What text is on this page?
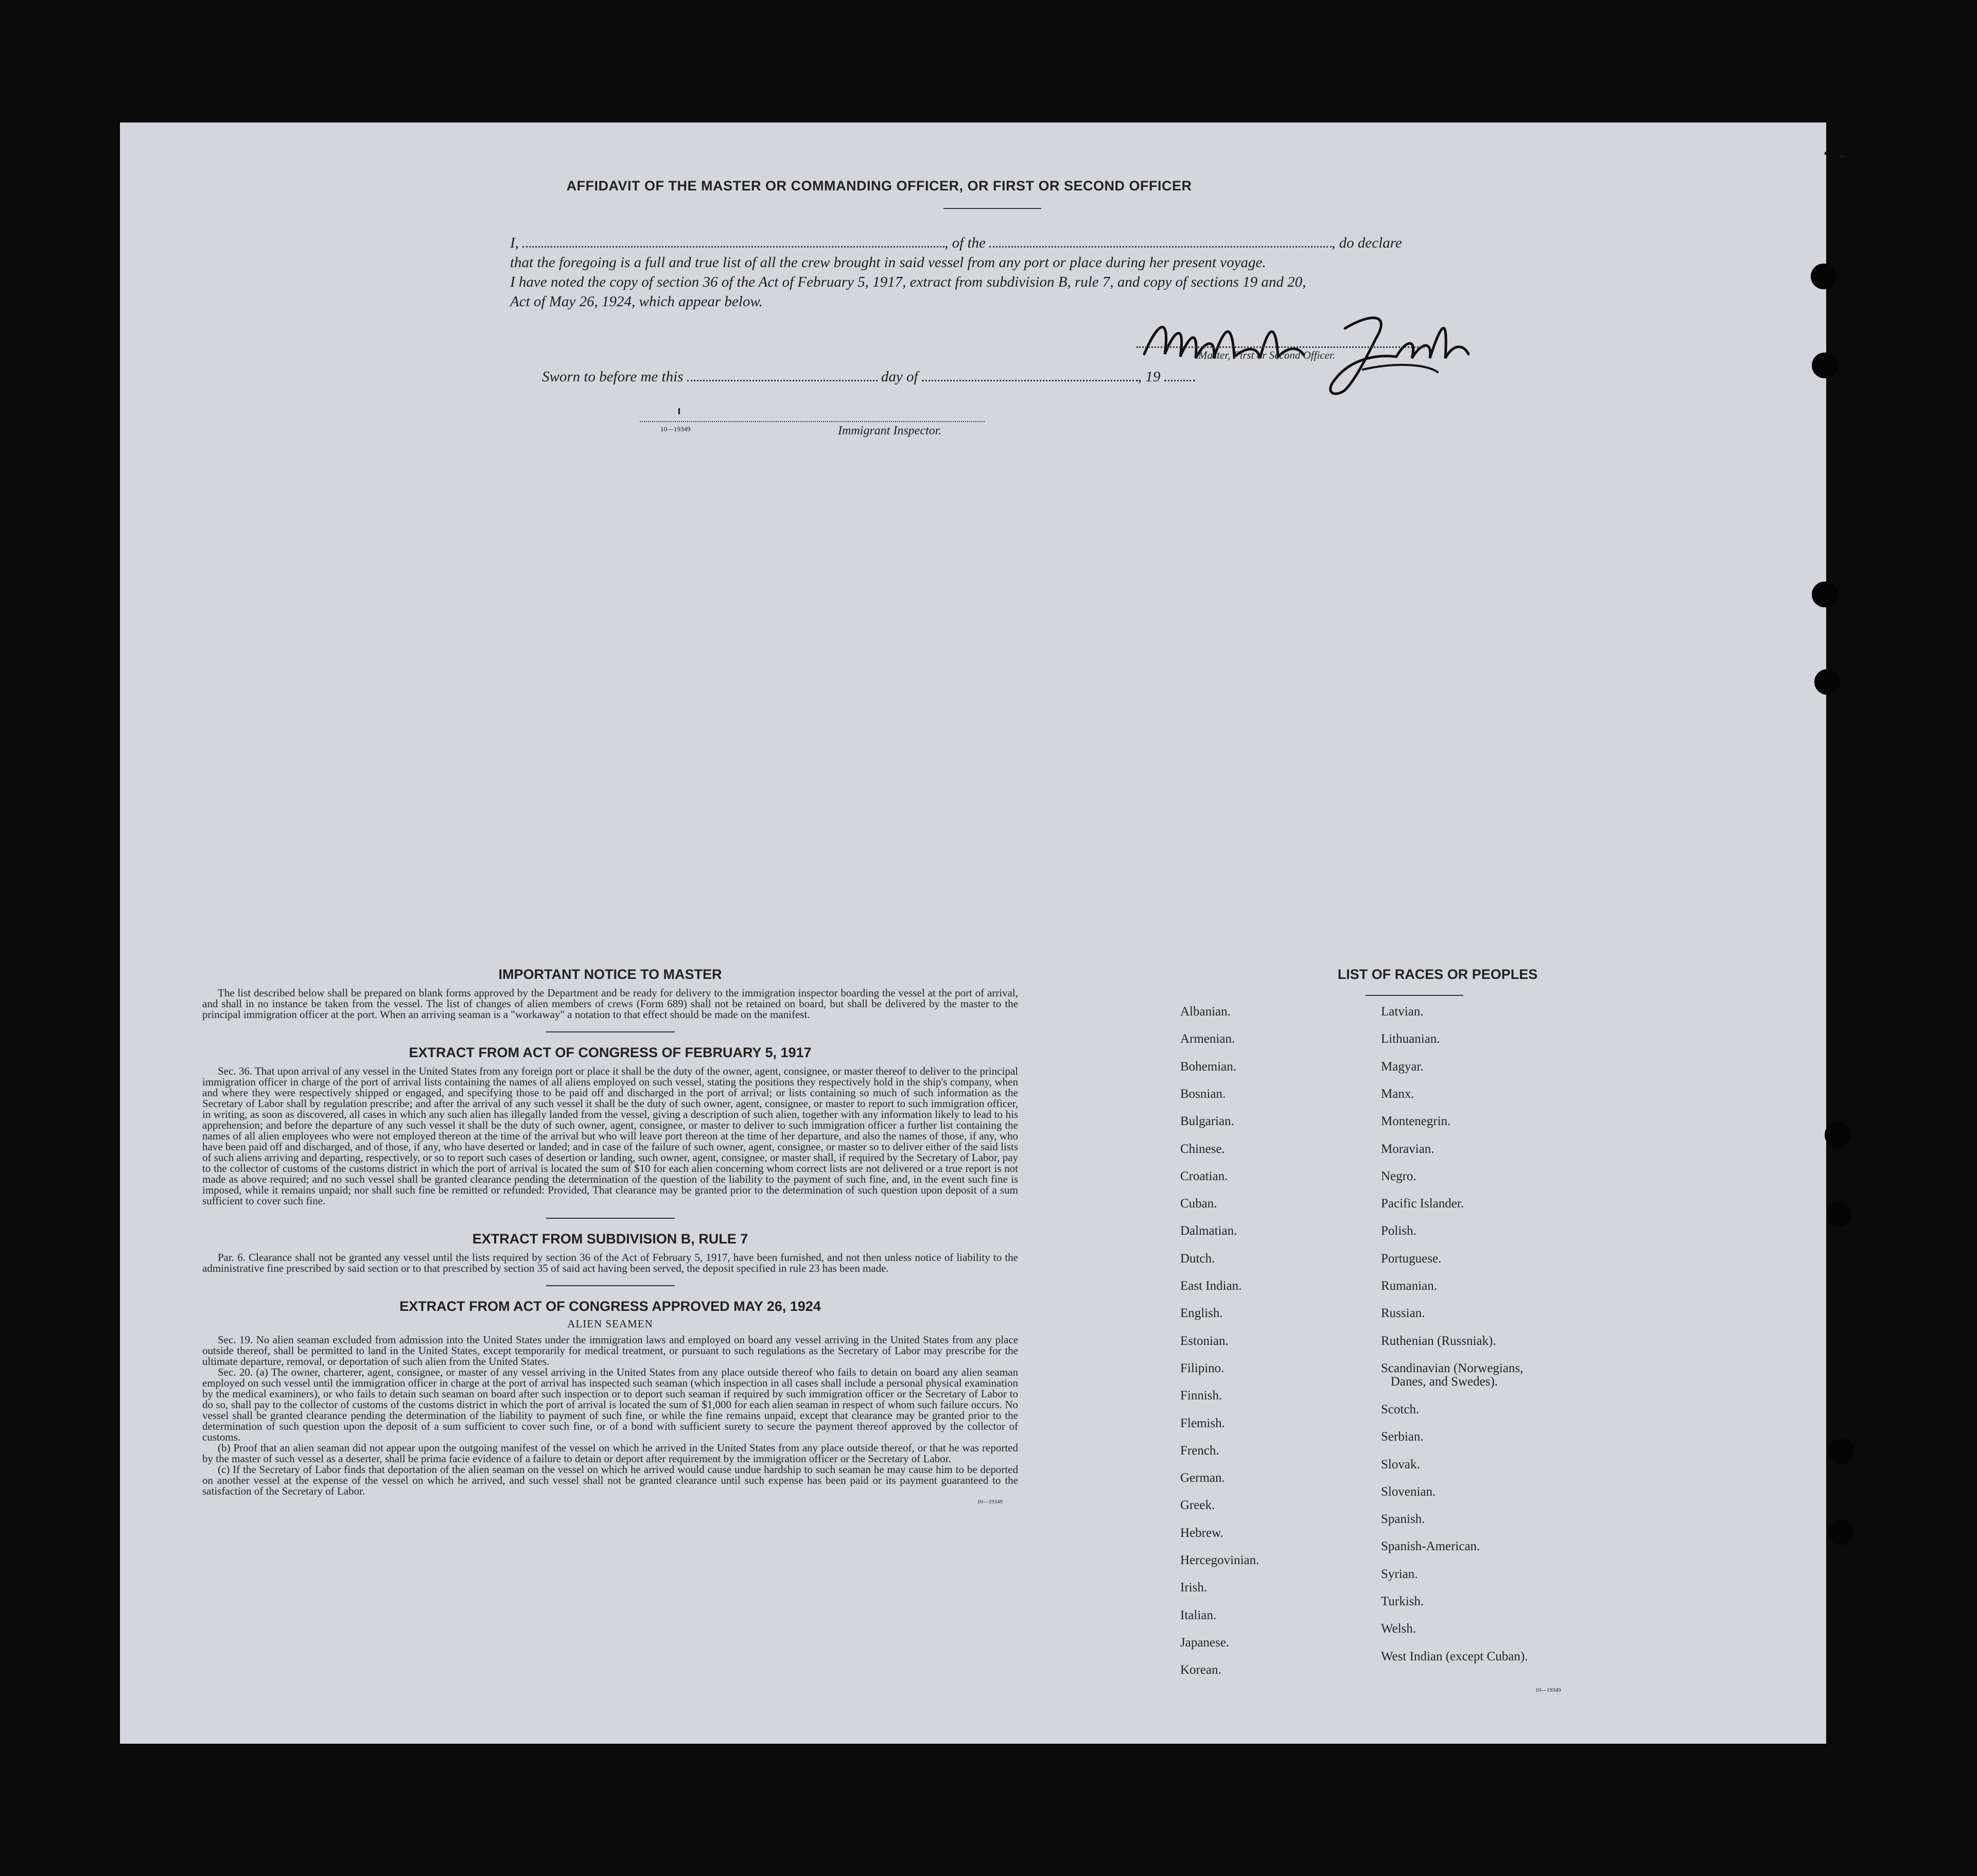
AFFIDAVIT OF THE MASTER OR COMMANDING OFFICER, OR FIRST OR SECOND OFFICER
I,	, of the	, do declare
that the foregoing is a full and true list of all the crew brought in said vessel from any port or place during her present voyage.
I have noted the copy of section 36 of the Act of February 5, 1917, extract from subdivision B, rule 7, and copy of sections 19 and 20,
Act of May 26, 1924, which appear below.
Master, First or Second Officer.
Sworn to before me this	day of	, 19
10—19349	Immigrant Inspector.
IMPORTANT NOTICE TO MASTER
The list described below shall be prepared on blank forms approved by the Department and be ready for delivery to the immigration inspector boarding the vessel at the port of arrival, and shall in no instance be taken from the vessel. The list of changes of alien members of crews (Form 689) shall not be retained on board, but shall be delivered by the master to the principal immigration officer at the port. When an arriving seaman is a "workaway" a notation to that effect should be made on the manifest.
EXTRACT FROM ACT OF CONGRESS OF FEBRUARY 5, 1917
Sec. 36. That upon arrival of any vessel in the United States from any foreign port or place it shall be the duty of the owner, agent, consignee, or master thereof to deliver to the principal immigration officer in charge of the port of arrival lists containing the names of all aliens employed on such vessel, stating the positions they respectively hold in the ship's company, when and where they were respectively shipped or engaged, and specifying those to be paid off and discharged in the port of arrival; or lists containing so much of such information as the Secretary of Labor shall by regulation prescribe; and after the arrival of any such vessel it shall be the duty of such owner, agent, consignee, or master to report to such immigration officer, in writing, as soon as discovered, all cases in which any such alien has illegally landed from the vessel, giving a description of such alien, together with any information likely to lead to his apprehension; and before the departure of any such vessel it shall be the duty of such owner, agent, consignee, or master to deliver to such immigration officer a further list containing the names of all alien employees who were not employed thereon at the time of the arrival but who will leave port thereon at the time of her departure, and also the names of those, if any, who have been paid off and discharged, and of those, if any, who have deserted or landed; and in case of the failure of such owner, agent, consignee, or master so to deliver either of the said lists of such aliens arriving and departing, respectively, or so to report such cases of desertion or landing, such owner, agent, consignee, or master shall, if required by the Secretary of Labor, pay to the collector of customs of the customs district in which the port of arrival is located the sum of $10 for each alien concerning whom correct lists are not delivered or a true report is not made as above required; and no such vessel shall be granted clearance pending the determination of the question of the liability to the payment of such fine, and, in the event such fine is imposed, while it remains unpaid; nor shall such fine be remitted or refunded: Provided, That clearance may be granted prior to the determination of such question upon deposit of a sum sufficient to cover such fine.
EXTRACT FROM SUBDIVISION B, RULE 7
Par. 6. Clearance shall not be granted any vessel until the lists required by section 36 of the Act of February 5, 1917, have been furnished, and not then unless notice of liability to the administrative fine prescribed by said section or to that prescribed by section 35 of said act having been served, the deposit specified in rule 23 has been made.
EXTRACT FROM ACT OF CONGRESS APPROVED MAY 26, 1924
ALIEN SEAMEN
Sec. 19. No alien seaman excluded from admission into the United States under the immigration laws and employed on board any vessel arriving in the United States from any place outside thereof, shall be permitted to land in the United States, except temporarily for medical treatment, or pursuant to such regulations as the Secretary of Labor may prescribe for the ultimate departure, removal, or deportation of such alien from the United States.
Sec. 20. (a) The owner, charterer, agent, consignee, or master of any vessel arriving in the United States from any place outside thereof who fails to detain on board any alien seaman employed on such vessel until the immigration officer in charge at the port of arrival has inspected such seaman (which inspection in all cases shall include a personal physical examination by the medical examiners), or who fails to detain such seaman on board after such inspection or to deport such seaman if required by such immigration officer or the Secretary of Labor to do so, shall pay to the collector of customs of the customs district in which the port of arrival is located the sum of $1,000 for each alien seaman in respect of whom such failure occurs. No vessel shall be granted clearance pending the determination of the liability to payment of such fine, or while the fine remains unpaid, except that clearance may be granted prior to the determination of such question upon the deposit of a sum sufficient to cover such fine, or of a bond with sufficient surety to secure the payment thereof approved by the collector of customs.
(b) Proof that an alien seaman did not appear upon the outgoing manifest of the vessel on which he arrived in the United States from any place outside thereof, or that he was reported by the master of such vessel as a deserter, shall be prima facie evidence of a failure to detain or deport after requirement by the immigration officer or the Secretary of Labor.
(c) If the Secretary of Labor finds that deportation of the alien seaman on the vessel on which he arrived would cause undue hardship to such seaman he may cause him to be deported on another vessel at the expense of the vessel on which he arrived, and such vessel shall not be granted clearance until such expense has been paid or its payment guaranteed to the satisfaction of the Secretary of Labor.
10—19349
LIST OF RACES OR PEOPLES
Albanian.
Armenian.
Bohemian.
Bosnian.
Bulgarian.
Chinese.
Croatian.
Cuban.
Dalmatian.
Dutch.
East Indian.
English.
Estonian.
Filipino.
Finnish.
Flemish.
French.
German.
Greek.
Hebrew.
Hercegovinian.
Irish.
Italian.
Japanese.
Korean.
Latvian.
Lithuanian.
Magyar.
Manx.
Montenegrin.
Moravian.
Negro.
Pacific Islander.
Polish.
Portuguese.
Rumanian.
Russian.
Ruthenian (Russniak).
Scandinavian (Norwegians,
Danes, and Swedes).
Scotch.
Serbian.
Slovak.
Slovenian.
Spanish.
Spanish-American.
Syrian.
Turkish.
Welsh.
West Indian (except Cuban).
10—19349
